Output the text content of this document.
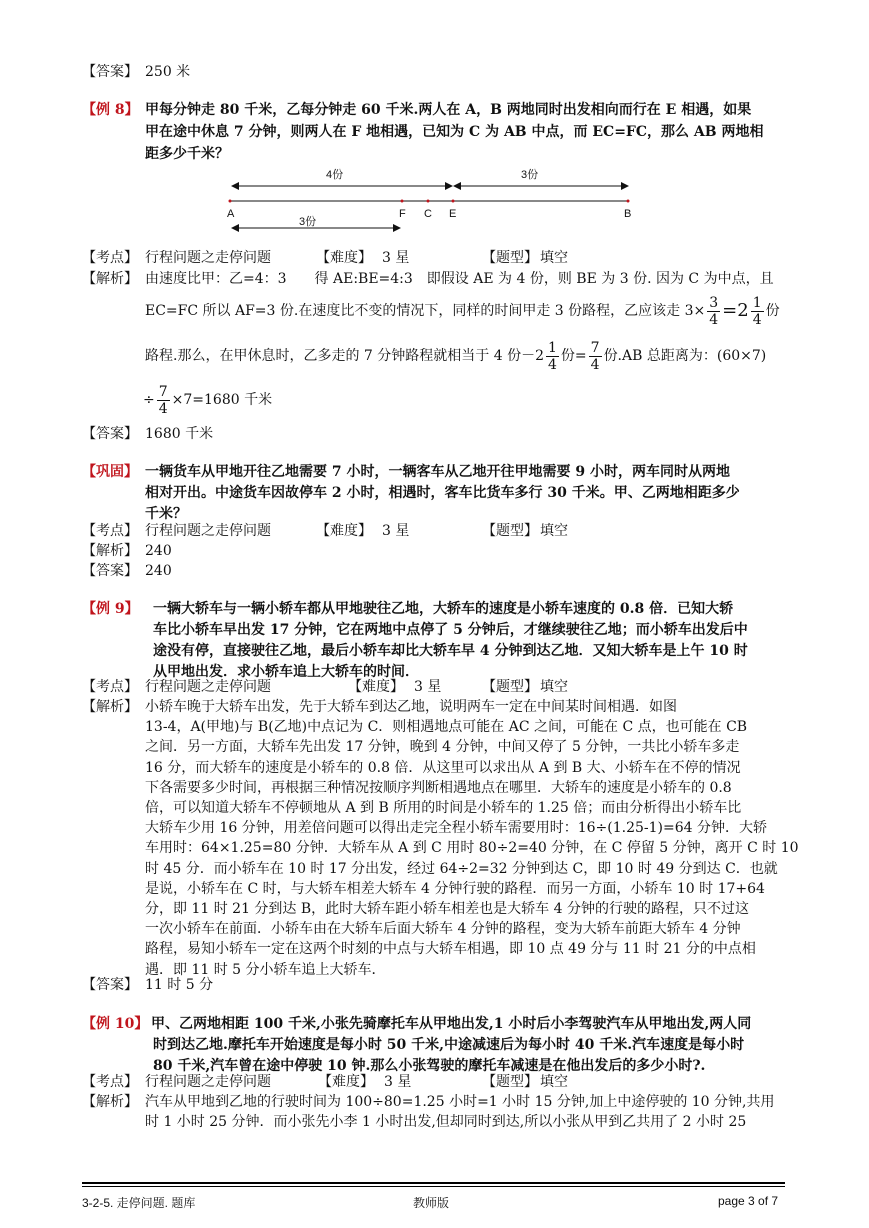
【答案】 250 米
【例 8】 甲每分钟走 80 千米，乙每分钟走 60 千米.两人在 A，B 两地同时出发相向而行在 E 相遇，如果
甲在途中休息 7 分钟，则两人在 F 地相遇，已知为 C 为 AB 中点，而 EC=FC，那么 AB 两地相
距多少千米？
4份	3份
A	F C E	B
3份
【考点】 行程问题之走停问题	【难度】 3 星	【题型】 填空
【解析】 由速度比甲：乙=4：3　　得 AE:BE=4:3　即假设 AE 为 4 份，则 BE 为 3 份. 因为 C 为中点，且
EC=FC 所以 AF=3 份.在速度比不变的情况下，同样的时间甲走 3 份路程，乙应该走 $3\times \frac{3}{4} =2 \frac{1}{4}$ 份
路程.那么，在甲休息时，乙多走的 7 分钟路程就相当于 4 份$-2 \frac{1}{4}$ 份= $\frac{7}{4}$ 份.AB 总距离为：(60×7)
÷ $\frac{7}{4} \times 7=1680$ 千米
【答案】 1680 千米
【巩固】 一辆货车从甲地开往乙地需要 7 小时，一辆客车从乙地开往甲地需要 9 小时，两车同时从两地
相对开出。中途货车因故停车 2 小时，相遇时，客车比货车多行 30 千米。甲、乙两地相距多少
千米？
【考点】 行程问题之走停问题	【难度】 3 星	【题型】 填空
【解析】 240
【答案】 240
【例 9】 一辆大轿车与一辆小轿车都从甲地驶往乙地，大轿车的速度是小轿车速度的 0.8 倍．已知大轿
车比小轿车早出发 17 分钟，它在两地中点停了 5 分钟后，才继续驶往乙地；而小轿车出发后中
途没有停，直接驶往乙地，最后小轿车却比大轿车早 4 分钟到达乙地．又知大轿车是上午 10 时
从甲地出发．求小轿车追上大轿车的时间．
【考点】 行程问题之走停问题	【难度】 3 星	【题型】 填空
【解析】 小轿车晚于大轿车出发，先于大轿车到达乙地，说明两车一定在中间某时间相遇．如图
13-4，A(甲地)与 B(乙地)中点记为 C．则相遇地点可能在 AC 之间，可能在 C 点，也可能在 CB
之间．另一方面，大轿车先出发 17 分钟，晚到 4 分钟，中间又停了 5 分钟，一共比小轿车多走
16 分，而大轿车的速度是小轿车的 0.8 倍．从这里可以求出从 A 到 B 大、小轿车在不停的情况
下各需要多少时间，再根据三种情况按顺序判断相遇地点在哪里．大轿车的速度是小轿车的 0.8
倍，可以知道大轿车不停顿地从 A 到 B 所用的时间是小轿车的 1.25 倍；而由分析得出小轿车比
大轿车少用 16 分钟，用差倍问题可以得出走完全程小轿车需要用时：16÷(1.25-1)=64 分钟．大轿
车用时：64×1.25=80 分钟．大轿车从 A 到 C 用时 80÷2=40 分钟，在 C 停留 5 分钟，离开 C 时 10
时 45 分．而小轿车在 10 时 17 分出发，经过 64÷2=32 分钟到达 C，即 10 时 49 分到达 C．也就
是说，小轿车在 C 时，与大轿车相差大轿车 4 分钟行驶的路程．而另一方面，小轿车 10 时 17+64
分，即 11 时 21 分到达 B，此时大轿车距小轿车相差也是大轿车 4 分钟的行驶的路程，只不过这
一次小轿车在前面．小轿车由在大轿车后面大轿车 4 分钟的路程，变为大轿车前距大轿车 4 分钟
路程，易知小轿车一定在这两个时刻的中点与大轿车相遇，即 10 点 49 分与 11 时 21 分的中点相
遇．即 11 时 5 分小轿车追上大轿车．
【答案】 11 时 5 分
【例 10】 甲、乙两地相距 100 千米,小张先骑摩托车从甲地出发,1 小时后小李驾驶汽车从甲地出发,两人同
时到达乙地.摩托车开始速度是每小时 50 千米,中途减速后为每小时 40 千米.汽车速度是每小时
80 千米,汽车曾在途中停驶 10 钟.那么小张驾驶的摩托车减速是在他出发后的多少小时?.
【考点】 行程问题之走停问题	【难度】 3 星	【题型】 填空
【解析】 汽车从甲地到乙地的行驶时间为 100÷80=1.25 小时=1 小时 15 分钟,加上中途停驶的 10 分钟,共用
时 1 小时 25 分钟．而小张先小李 1 小时出发,但却同时到达,所以小张从甲到乙共用了 2 小时 25
3-2-5. 走停问题. 题库	教师版	page 3 of 7
